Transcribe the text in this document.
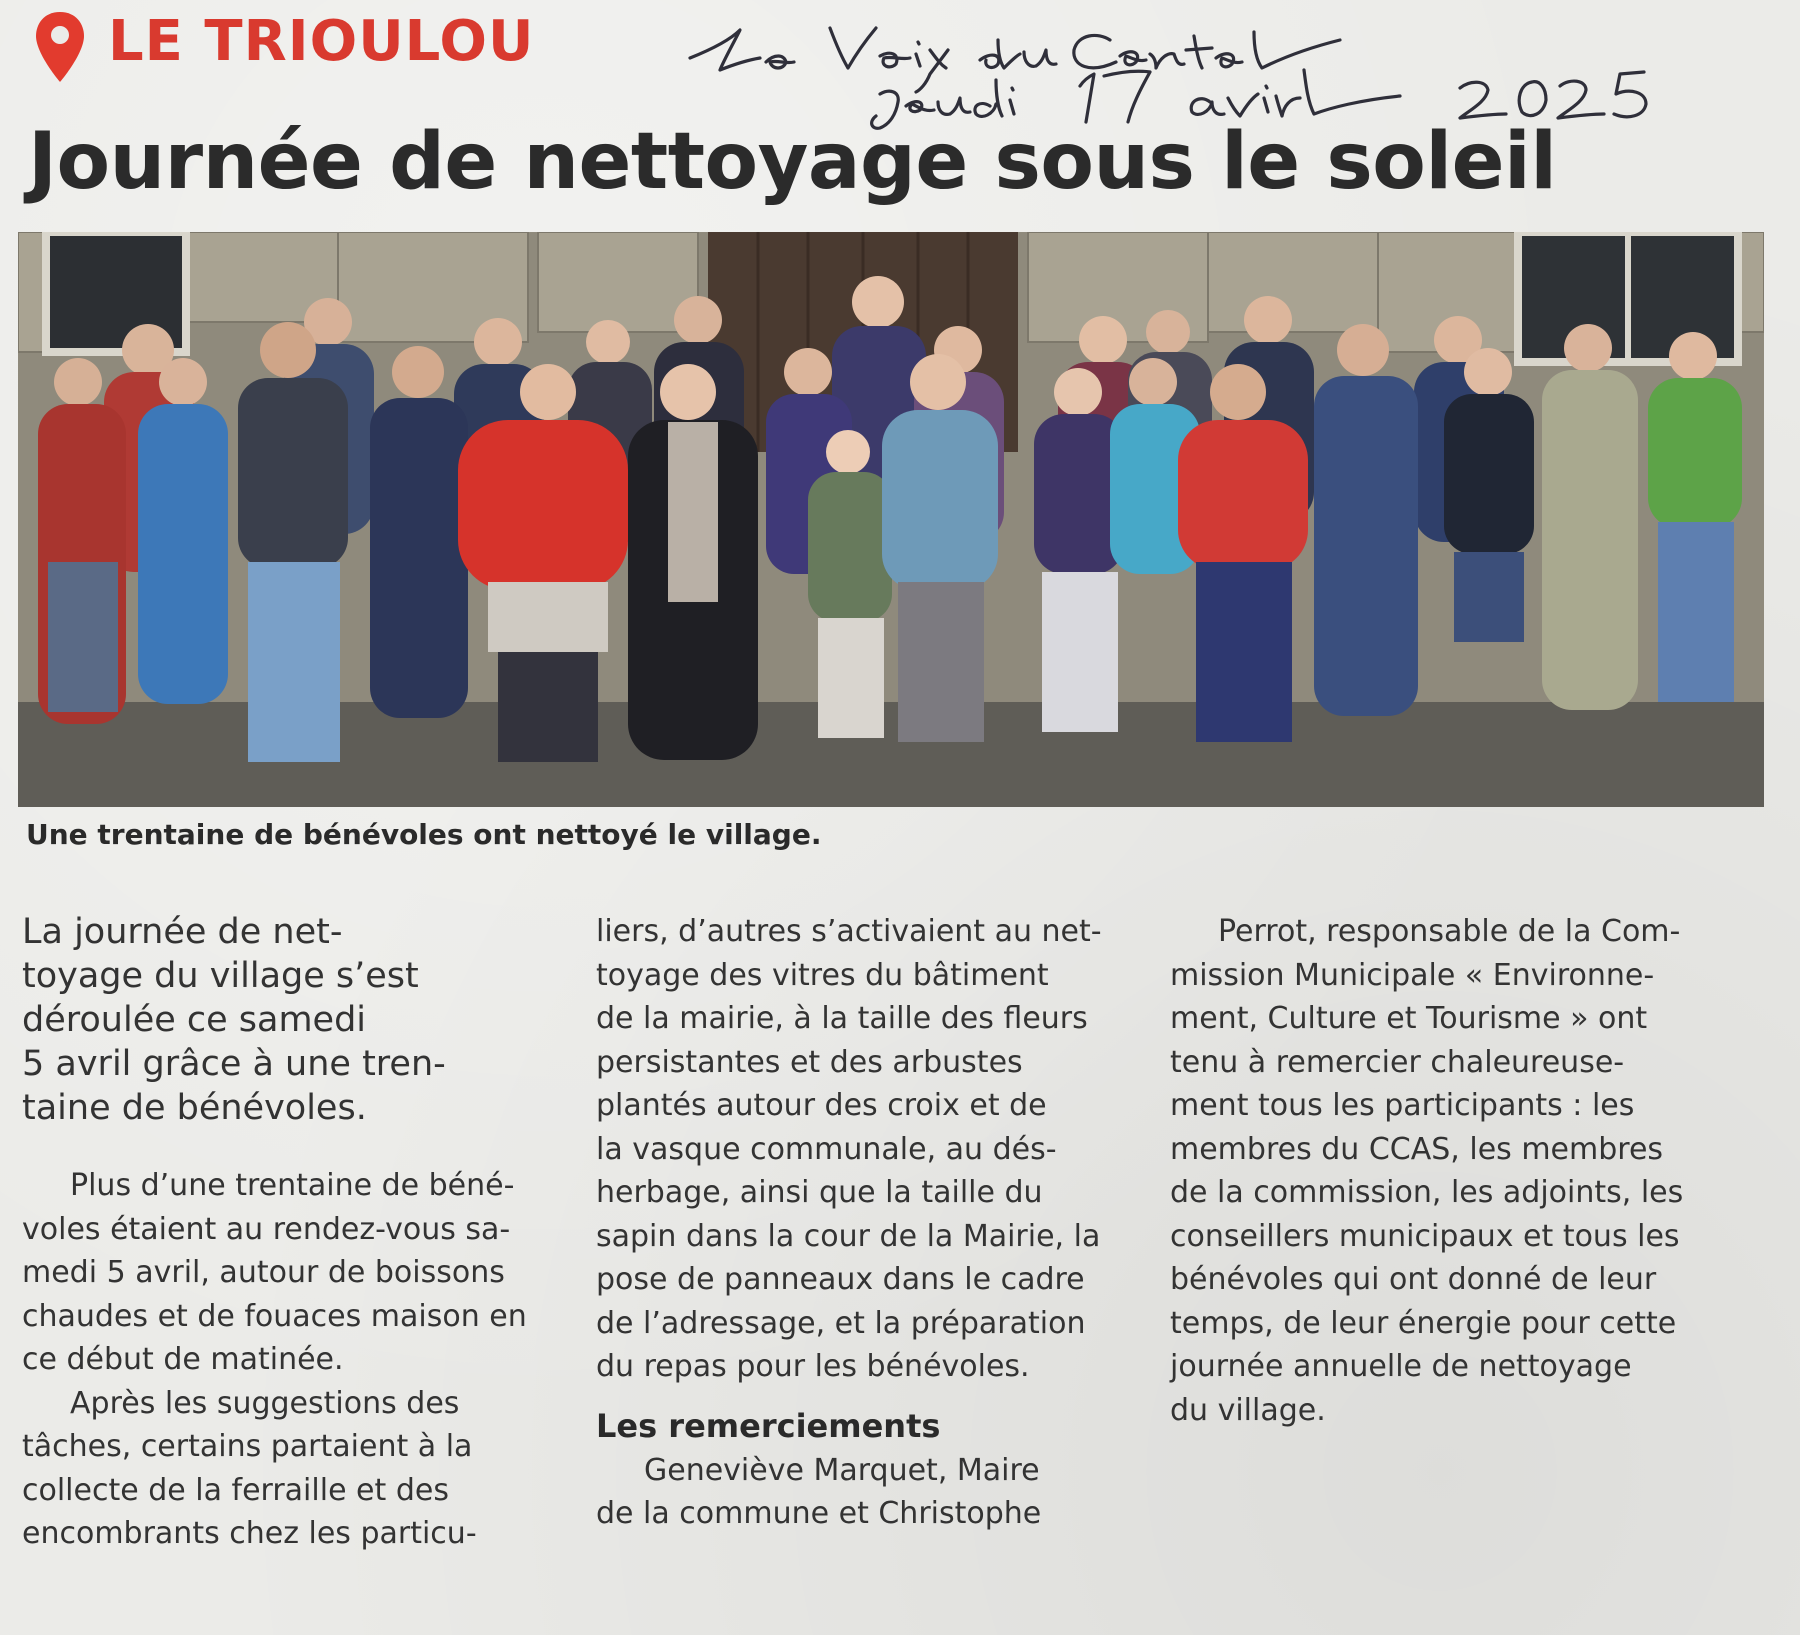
LE TRIOULOU
Journée de nettoyage sous le soleil
Une trentaine de bénévoles ont nettoyé le village.

La journée de net-

toyage du village s’est

déroulée ce samedi

5 avril grâce à une tren-

taine de bénévoles.

Plus d’une trentaine de béné-

voles étaient au rendez-vous sa-

medi 5 avril, autour de boissons

chaudes et de fouaces maison en

ce début de matinée.

Après les suggestions des

tâches, certains partaient à la

collecte de la ferraille et des

encombrants chez les particu-

liers, d’autres s’activaient au net-

toyage des vitres du bâtiment

de la mairie, à la taille des fleurs

persistantes et des arbustes

plantés autour des croix et de

la vasque communale, au dés-

herbage, ainsi que la taille du

sapin dans la cour de la Mairie, la

pose de panneaux dans le cadre

de l’adressage, et la préparation

du repas pour les bénévoles.

Les remerciements

Geneviève Marquet, Maire

de la commune et Christophe

Perrot, responsable de la Com-

mission Municipale « Environne-

ment, Culture et Tourisme » ont

tenu à remercier chaleureuse-

ment tous les participants : les

membres du CCAS, les membres

de la commission, les adjoints, les

conseillers municipaux et tous les

bénévoles qui ont donné de leur

temps, de leur énergie pour cette

journée annuelle de nettoyage

du village.
